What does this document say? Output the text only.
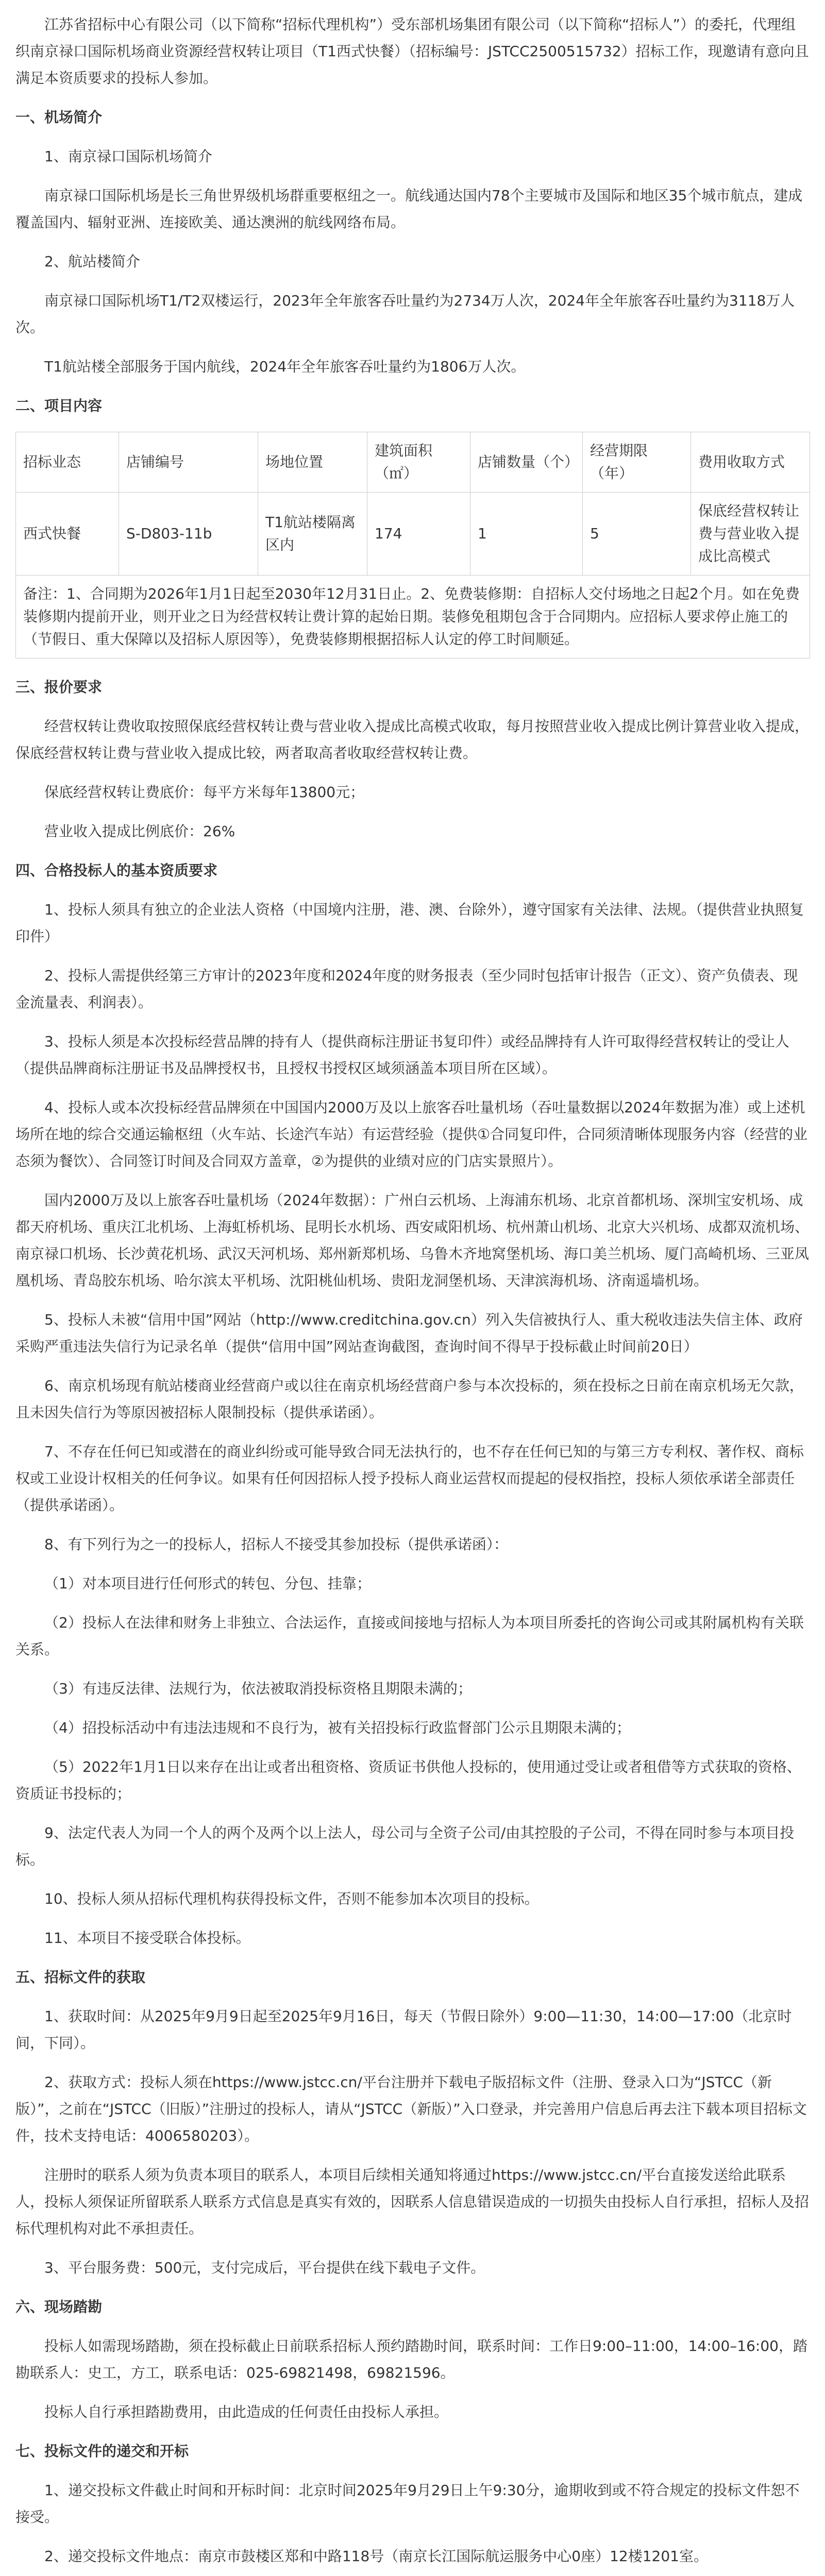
江苏省招标中心有限公司（以下简称“招标代理机构”）受东部机场集团有限公司（以下简称“招标人”）的委托，代理组织南京禄口国际机场商业资源经营权转让项目（T1西式快餐）（招标编号：JSTCC2500515732）招标工作，现邀请有意向且满足本资质要求的投标人参加。

一、机场简介

1、南京禄口国际机场简介

南京禄口国际机场是长三角世界级机场群重要枢纽之一。航线通达国内78个主要城市及国际和地区35个城市航点，建成覆盖国内、辐射亚洲、连接欧美、通达澳洲的航线网络布局。

2、航站楼简介

南京禄口国际机场T1/T2双楼运行，2023年全年旅客吞吐量约为2734万人次，2024年全年旅客吞吐量约为3118万人次。

T1航站楼全部服务于国内航线，2024年全年旅客吞吐量约为1806万人次。

二、项目内容

招标业态	店铺编号	场地位置	建筑面积（㎡）	店铺数量（个）	经营期限（年）	费用收取方式
西式快餐	S-D803-11b	T1航站楼隔离区内	174	1	5	保底经营权转让费与营业收入提成比高模式
备注：1、合同期为2026年1月1日起至2030年12月31日止。2、免费装修期：自招标人交付场地之日起2个月。如在免费装修期内提前开业，则开业之日为经营权转让费计算的起始日期。装修免租期包含于合同期内。应招标人要求停止施工的（节假日、重大保障以及招标人原因等），免费装修期根据招标人认定的停工时间顺延。						

三、报价要求

经营权转让费收取按照保底经营权转让费与营业收入提成比高模式收取，每月按照营业收入提成比例计算营业收入提成，保底经营权转让费与营业收入提成比较，两者取高者收取经营权转让费。

保底经营权转让费底价：每平方米每年13800元；

营业收入提成比例底价：26%

四、合格投标人的基本资质要求

1、投标人须具有独立的企业法人资格（中国境内注册，港、澳、台除外），遵守国家有关法律、法规。（提供营业执照复印件）

2、投标人需提供经第三方审计的2023年度和2024年度的财务报表（至少同时包括审计报告（正文）、资产负债表、现金流量表、利润表）。

3、投标人须是本次投标经营品牌的持有人（提供商标注册证书复印件）或经品牌持有人许可取得经营权转让的受让人（提供品牌商标注册证书及品牌授权书，且授权书授权区域须涵盖本项目所在区域）。

4、投标人或本次投标经营品牌须在中国国内2000万及以上旅客吞吐量机场（吞吐量数据以2024年数据为准）或上述机场所在地的综合交通运输枢纽（火车站、长途汽车站）有运营经验（提供①合同复印件，合同须清晰体现服务内容（经营的业态须为餐饮）、合同签订时间及合同双方盖章，②为提供的业绩对应的门店实景照片）。

国内2000万及以上旅客吞吐量机场（2024年数据）：广州白云机场、上海浦东机场、北京首都机场、深圳宝安机场、成都天府机场、重庆江北机场、上海虹桥机场、昆明长水机场、西安咸阳机场、杭州萧山机场、北京大兴机场、成都双流机场、南京禄口机场、长沙黄花机场、武汉天河机场、郑州新郑机场、乌鲁木齐地窝堡机场、海口美兰机场、厦门高崎机场、三亚凤凰机场、青岛胶东机场、哈尔滨太平机场、沈阳桃仙机场、贵阳龙洞堡机场、天津滨海机场、济南遥墙机场。

5、投标人未被“信用中国”网站（http://www.creditchina.gov.cn）列入失信被执行人、重大税收违法失信主体、政府采购严重违法失信行为记录名单（提供“信用中国”网站查询截图，查询时间不得早于投标截止时间前20日）

6、南京机场现有航站楼商业经营商户或以往在南京机场经营商户参与本次投标的，须在投标之日前在南京机场无欠款，且未因失信行为等原因被招标人限制投标（提供承诺函）。

7、不存在任何已知或潜在的商业纠纷或可能导致合同无法执行的，也不存在任何已知的与第三方专利权、著作权、商标权或工业设计权相关的任何争议。如果有任何因招标人授予投标人商业运营权而提起的侵权指控，投标人须依承诺全部责任（提供承诺函）。

8、有下列行为之一的投标人，招标人不接受其参加投标（提供承诺函）：

（1）对本项目进行任何形式的转包、分包、挂靠；

（2）投标人在法律和财务上非独立、合法运作，直接或间接地与招标人为本项目所委托的咨询公司或其附属机构有关联关系。

（3）有违反法律、法规行为，依法被取消投标资格且期限未满的；

（4）招投标活动中有违法违规和不良行为，被有关招投标行政监督部门公示且期限未满的；

（5）2022年1月1日以来存在出让或者出租资格、资质证书供他人投标的，使用通过受让或者租借等方式获取的资格、资质证书投标的；

9、法定代表人为同一个人的两个及两个以上法人，母公司与全资子公司/由其控股的子公司，不得在同时参与本项目投标。

10、投标人须从招标代理机构获得投标文件，否则不能参加本次项目的投标。

11、本项目不接受联合体投标。

五、招标文件的获取

1、获取时间：从2025年9月9日起至2025年9月16日，每天（节假日除外）9:00—11:30，14:00—17:00（北京时间，下同）。

2、获取方式：投标人须在https://www.jstcc.cn/平台注册并下载电子版招标文件（注册、登录入口为“JSTCC（新版）”，之前在“JSTCC（旧版）”注册过的投标人，请从“JSTCC（新版）”入口登录，并完善用户信息后再去注下载本项目招标文件，技术支持电话：4006580203）。

注册时的联系人须为负责本项目的联系人，本项目后续相关通知将通过https://www.jstcc.cn/平台直接发送给此联系人，投标人须保证所留联系人联系方式信息是真实有效的，因联系人信息错误造成的一切损失由投标人自行承担，招标人及招标代理机构对此不承担责任。

3、平台服务费：500元，支付完成后，平台提供在线下载电子文件。

六、现场踏勘

投标人如需现场踏勘，须在投标截止日前联系招标人预约踏勘时间，联系时间：工作日9:00–11:00，14:00–16:00，踏勘联系人：史工，方工，联系电话：025-69821498，69821596。

投标人自行承担踏勘费用，由此造成的任何责任由投标人承担。

七、投标文件的递交和开标

1、递交投标文件截止时间和开标时间：北京时间2025年9月29日上午9:30分，逾期收到或不符合规定的投标文件恕不接受。

2、递交投标文件地点：南京市鼓楼区郑和中路118号（南京长江国际航运服务中心0座）12楼1201室。
